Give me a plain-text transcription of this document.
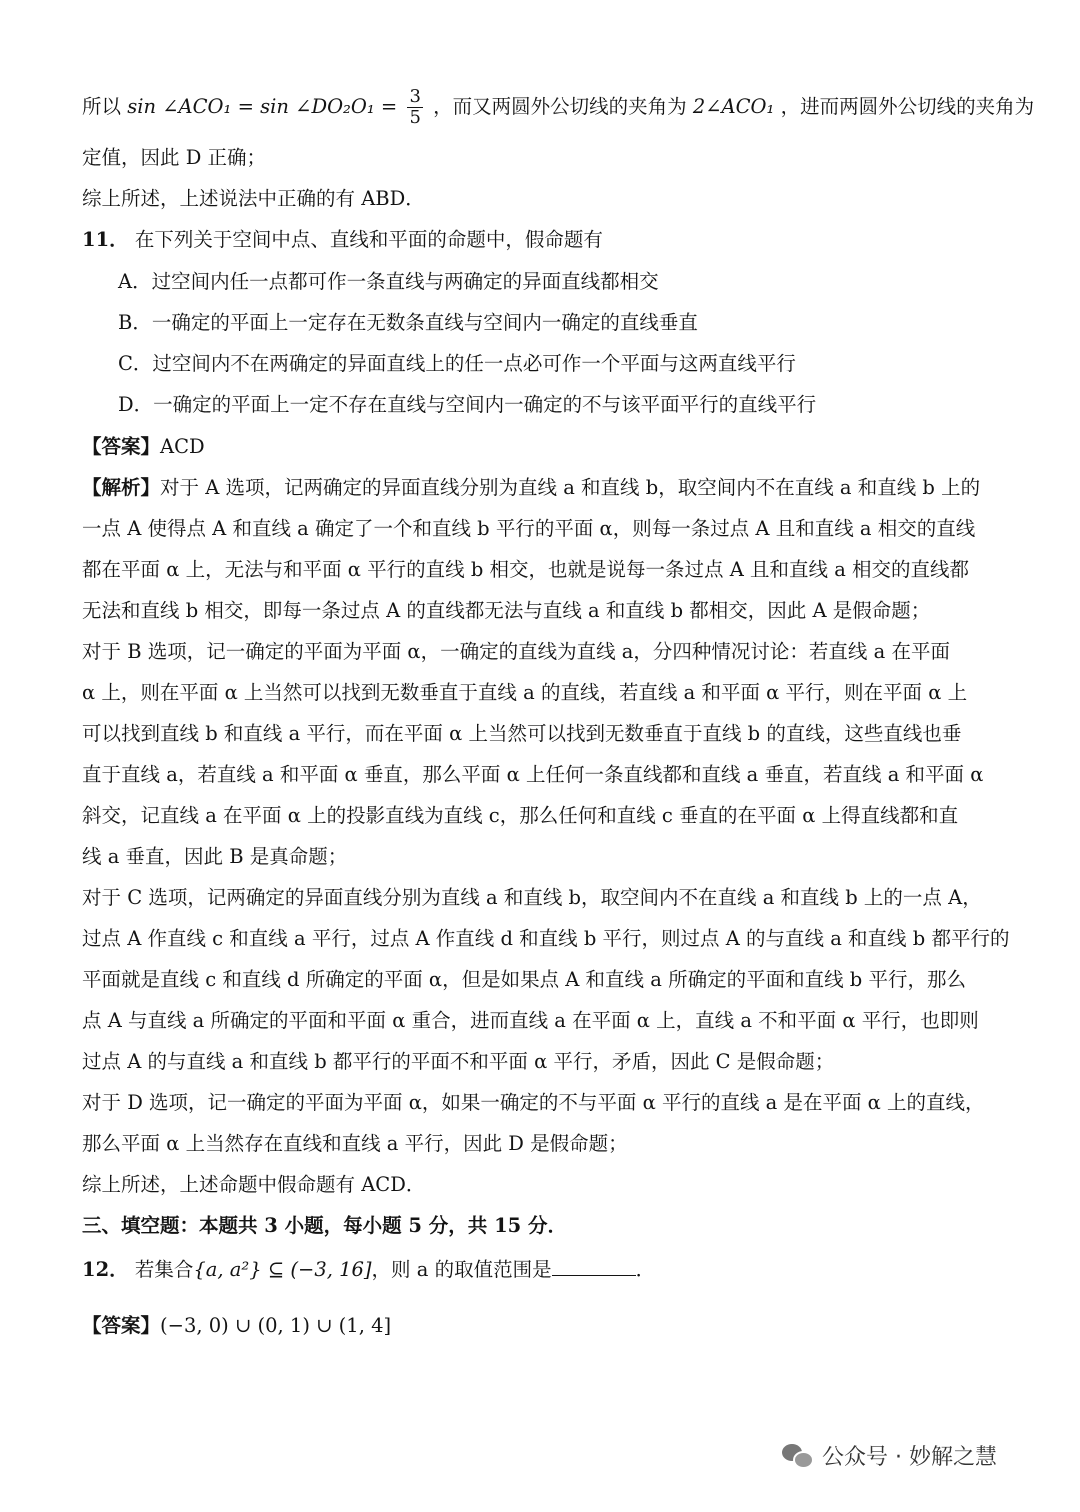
所以 sin ∠ACO₁ = sin ∠DO₂O₁ = $\frac{3}{5}$ ，而又两圆外公切线的夹角为 2∠ACO₁ ，进而两圆外公切线的夹角为
定值，因此 D 正确；
综上所述，上述说法中正确的有 ABD．
11． 在下列关于空间中点、直线和平面的命题中，假命题有
A．过空间内任一点都可作一条直线与两确定的异面直线都相交
B．一确定的平面上一定存在无数条直线与空间内一确定的直线垂直
C．过空间内不在两确定的异面直线上的任一点必可作一个平面与这两直线平行
D．一确定的平面上一定不存在直线与空间内一确定的不与该平面平行的直线平行
【答案】ACD
【解析】对于 A 选项，记两确定的异面直线分别为直线 a 和直线 b，取空间内不在直线 a 和直线 b 上的
一点 A 使得点 A 和直线 a 确定了一个和直线 b 平行的平面 α，则每一条过点 A 且和直线 a 相交的直线
都在平面 α 上，无法与和平面 α 平行的直线 b 相交，也就是说每一条过点 A 且和直线 a 相交的直线都
无法和直线 b 相交，即每一条过点 A 的直线都无法与直线 a 和直线 b 都相交，因此 A 是假命题；
对于 B 选项，记一确定的平面为平面 α，一确定的直线为直线 a，分四种情况讨论：若直线 a 在平面
α 上，则在平面 α 上当然可以找到无数垂直于直线 a 的直线，若直线 a 和平面 α 平行，则在平面 α 上
可以找到直线 b 和直线 a 平行，而在平面 α 上当然可以找到无数垂直于直线 b 的直线，这些直线也垂
直于直线 a，若直线 a 和平面 α 垂直，那么平面 α 上任何一条直线都和直线 a 垂直，若直线 a 和平面 α
斜交，记直线 a 在平面 α 上的投影直线为直线 c，那么任何和直线 c 垂直的在平面 α 上得直线都和直
线 a 垂直，因此 B 是真命题；
对于 C 选项，记两确定的异面直线分别为直线 a 和直线 b，取空间内不在直线 a 和直线 b 上的一点 A，
过点 A 作直线 c 和直线 a 平行，过点 A 作直线 d 和直线 b 平行，则过点 A 的与直线 a 和直线 b 都平行的
平面就是直线 c 和直线 d 所确定的平面 α，但是如果点 A 和直线 a 所确定的平面和直线 b 平行，那么
点 A 与直线 a 所确定的平面和平面 α 重合，进而直线 a 在平面 α 上，直线 a 不和平面 α 平行，也即则
过点 A 的与直线 a 和直线 b 都平行的平面不和平面 α 平行，矛盾，因此 C 是假命题；
对于 D 选项，记一确定的平面为平面 α，如果一确定的不与平面 α 平行的直线 a 是在平面 α 上的直线，
那么平面 α 上当然存在直线和直线 a 平行，因此 D 是假命题；
综上所述，上述命题中假命题有 ACD．
三、填空题：本题共 3 小题，每小题 5 分，共 15 分．
12． 若集合{a, a²} ⊆ (−3, 16]，则 a 的取值范围是	．
【答案】(−3, 0) ∪ (0, 1) ∪ (1, 4]
公众号 · 妙解之慧
